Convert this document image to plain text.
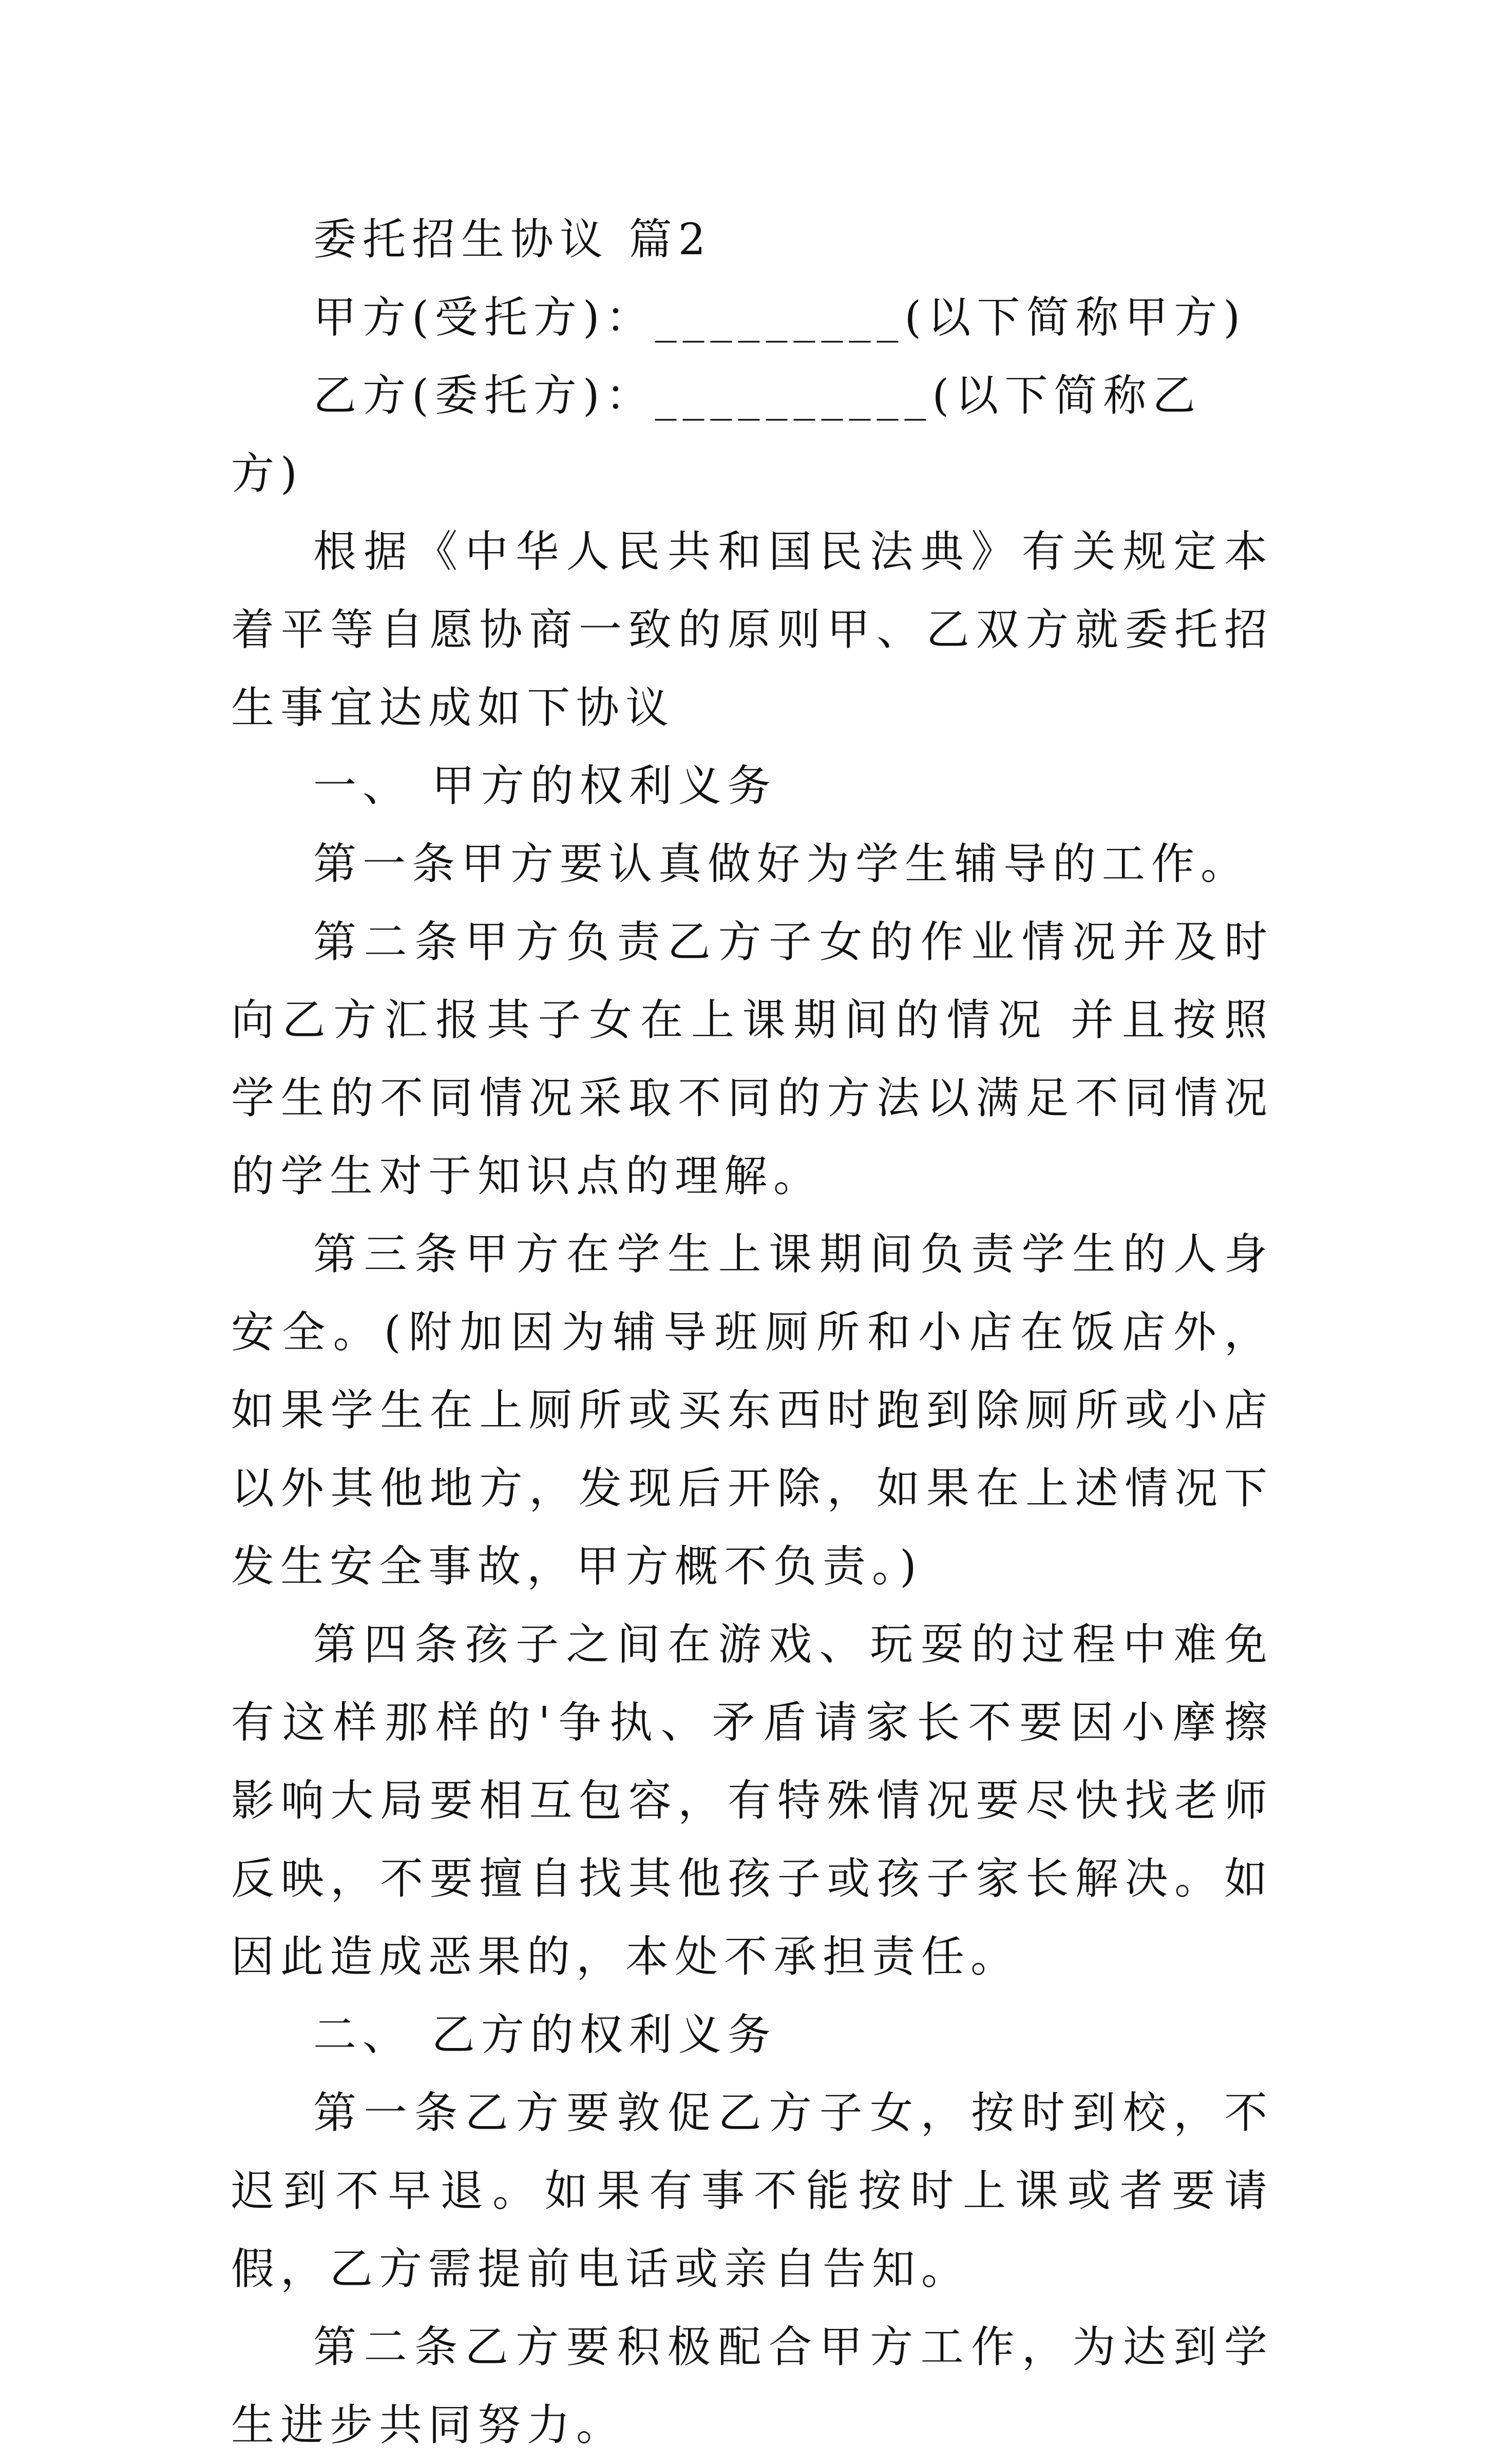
委托招生协议 篇2

甲方(受托方)：_________(以下简称甲方)

乙方(委托方)：__________(以下简称乙方)

根据《中华人民共和国民法典》有关规定本着平等自愿协商一致的原则甲、乙双方就委托招生事宜达成如下协议

一、 甲方的权利义务

第一条甲方要认真做好为学生辅导的工作。

第二条甲方负责乙方子女的作业情况并及时向乙方汇报其子女在上课期间的情况 并且按照学生的不同情况采取不同的方法以满足不同情况的学生对于知识点的理解。

第三条甲方在学生上课期间负责学生的人身安全。(附加因为辅导班厕所和小店在饭店外，如果学生在上厕所或买东西时跑到除厕所或小店以外其他地方，发现后开除，如果在上述情况下发生安全事故，甲方概不负责。)

第四条孩子之间在游戏、玩耍的过程中难免有这样那样的'争执、矛盾请家长不要因小摩擦影响大局要相互包容，有特殊情况要尽快找老师反映，不要擅自找其他孩子或孩子家长解决。如因此造成恶果的，本处不承担责任。

二、 乙方的权利义务

第一条乙方要敦促乙方子女，按时到校，不迟到不早退。如果有事不能按时上课或者要请假，乙方需提前电话或亲自告知。

第二条乙方要积极配合甲方工作，为达到学生进步共同努力。
